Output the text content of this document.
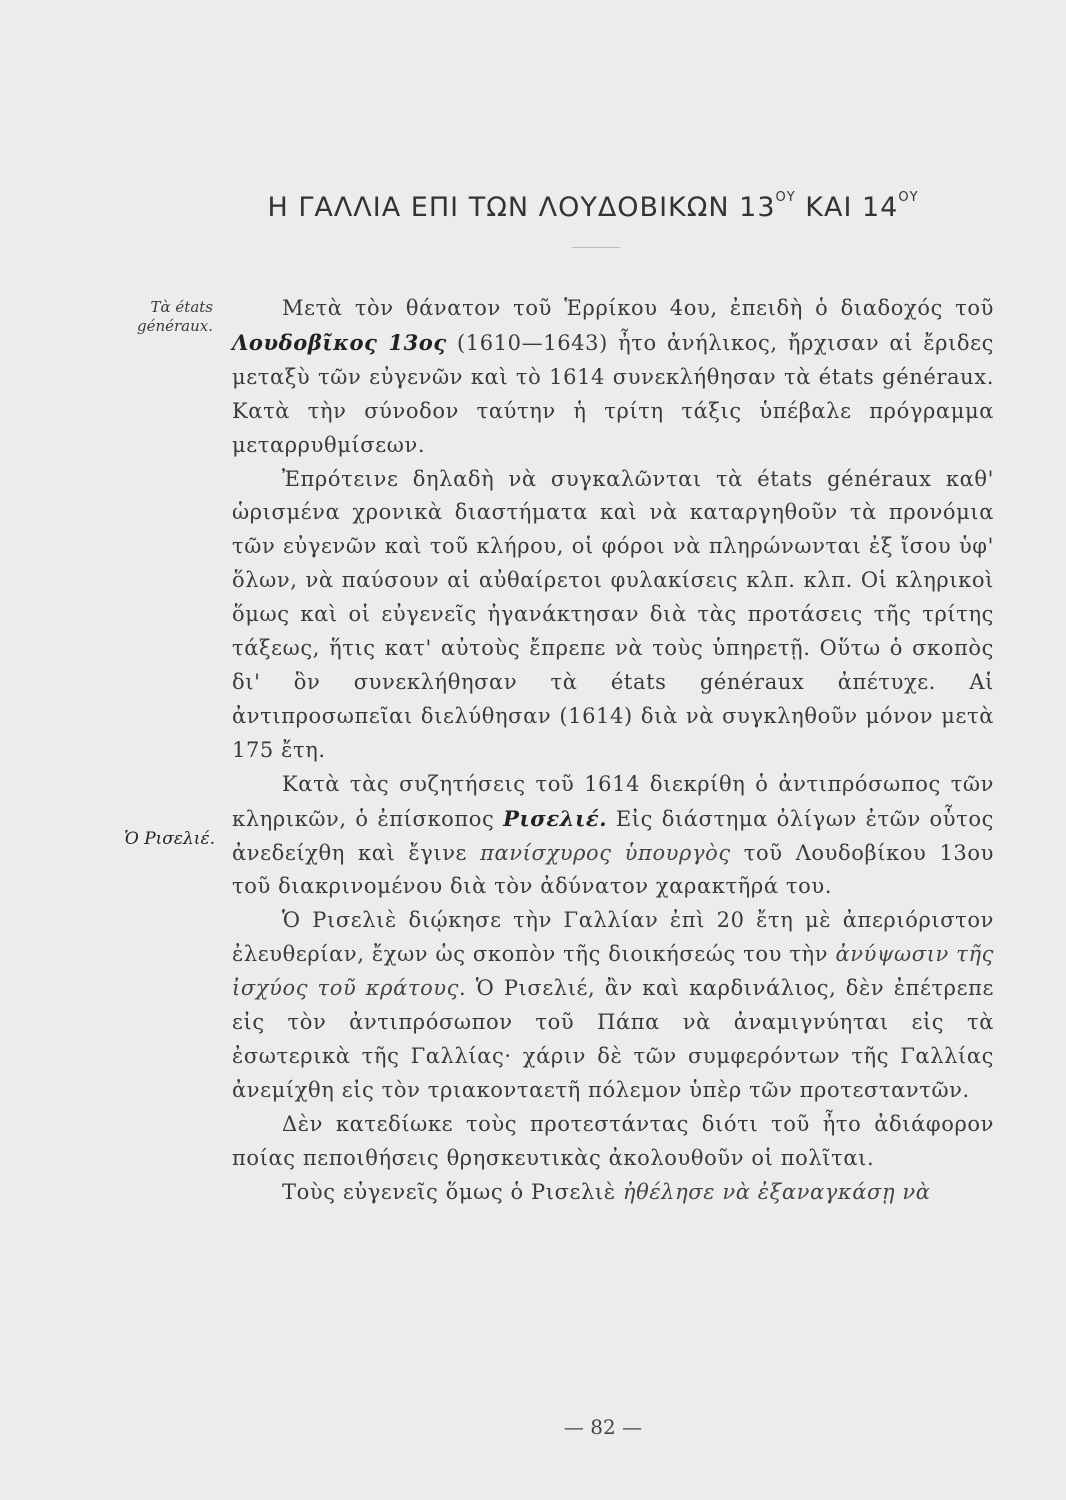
Η ΓΑΛΛΙΑ ΕΠΙ ΤΩΝ ΛΟΥΔΟΒΙΚΩΝ $13^{O\Upsilon}$ ΚΑΙ $14^{O\Upsilon}$
Τὰ états généraux.
Ὁ Ρισελιέ.

Μετὰ τὸν θάνατον τοῦ Ἑρρίκου 4ου, ἐπειδὴ ὁ διαδοχός τοῦ Λουδοβῖκος 13ος (1610—1643) ἦτο ἀνήλικος, ἤρχισαν αἱ ἔριδες μεταξὺ τῶν εὐγενῶν καὶ τὸ 1614 συνεκλήθησαν τὰ états généraux. Κατὰ τὴν σύνοδον ταύτην ἡ τρίτη τάξις ὑπέβαλε πρόγραμμα μεταρρυθμίσεων.

Ἐπρότεινε δηλαδὴ νὰ συγκαλῶνται τὰ états généraux καθ' ὡρισμένα χρονικὰ διαστήματα καὶ νὰ καταργηθοῦν τὰ προνόμια τῶν εὐγενῶν καὶ τοῦ κλήρου, οἱ φόροι νὰ πληρώνωνται ἐξ ἴσου ὑφ' ὅλων, νὰ παύσουν αἱ αὐθαίρετοι φυλακίσεις κλπ. κλπ. Οἱ κληρικοὶ ὅμως καὶ οἱ εὐγενεῖς ἠγανάκτησαν διὰ τὰς προτάσεις τῆς τρίτης τάξεως, ἥτις κατ' αὐτοὺς ἔπρεπε νὰ τοὺς ὑπηρετῇ. Οὕτω ὁ σκοπὸς δι' ὃν συνεκλήθησαν τὰ états généraux ἀπέτυχε. Αἱ ἀντιπροσωπεῖαι διελύθησαν (1614) διὰ νὰ συγκληθοῦν μόνον μετὰ 175 ἔτη.

Κατὰ τὰς συζητήσεις τοῦ 1614 διεκρίθη ὁ ἀντιπρόσωπος τῶν κληρικῶν, ὁ ἐπίσκοπος Ρισελιέ. Εἰς διάστημα ὀλίγων ἐτῶν οὗτος ἀνεδείχθη καὶ ἔγινε πανίσχυρος ὑπουργὸς τοῦ Λουδοβίκου 13ου τοῦ διακρινομένου διὰ τὸν ἀδύνατον χαρακτῆρά του.

Ὁ Ρισελιὲ διῴκησε τὴν Γαλλίαν ἐπὶ 20 ἔτη μὲ ἀπεριόριστον ἐλευθερίαν, ἔχων ὡς σκοπὸν τῆς διοικήσεώς του τὴν ἀνύψωσιν τῆς ἰσχύος τοῦ κράτους. Ὁ Ρισελιέ, ἂν καὶ καρδινάλιος, δὲν ἐπέτρεπε εἰς τὸν ἀντιπρόσωπον τοῦ Πάπα νὰ ἀναμιγνύηται εἰς τὰ ἐσωτερικὰ τῆς Γαλλίας· χάριν δὲ τῶν συμφερόντων τῆς Γαλλίας ἀνεμίχθη εἰς τὸν τριακονταετῆ πόλεμον ὑπὲρ τῶν προτεσταντῶν.

Δὲν κατεδίωκε τοὺς προτεστάντας διότι τοῦ ἦτο ἀδιάφορον ποίας πεποιθήσεις θρησκευτικὰς ἀκολουθοῦν οἱ πολῖται.

Τοὺς εὐγενεῖς ὅμως ὁ Ρισελιὲ ἠθέλησε νὰ ἐξαναγκάσῃ νὰ

— 82 —
